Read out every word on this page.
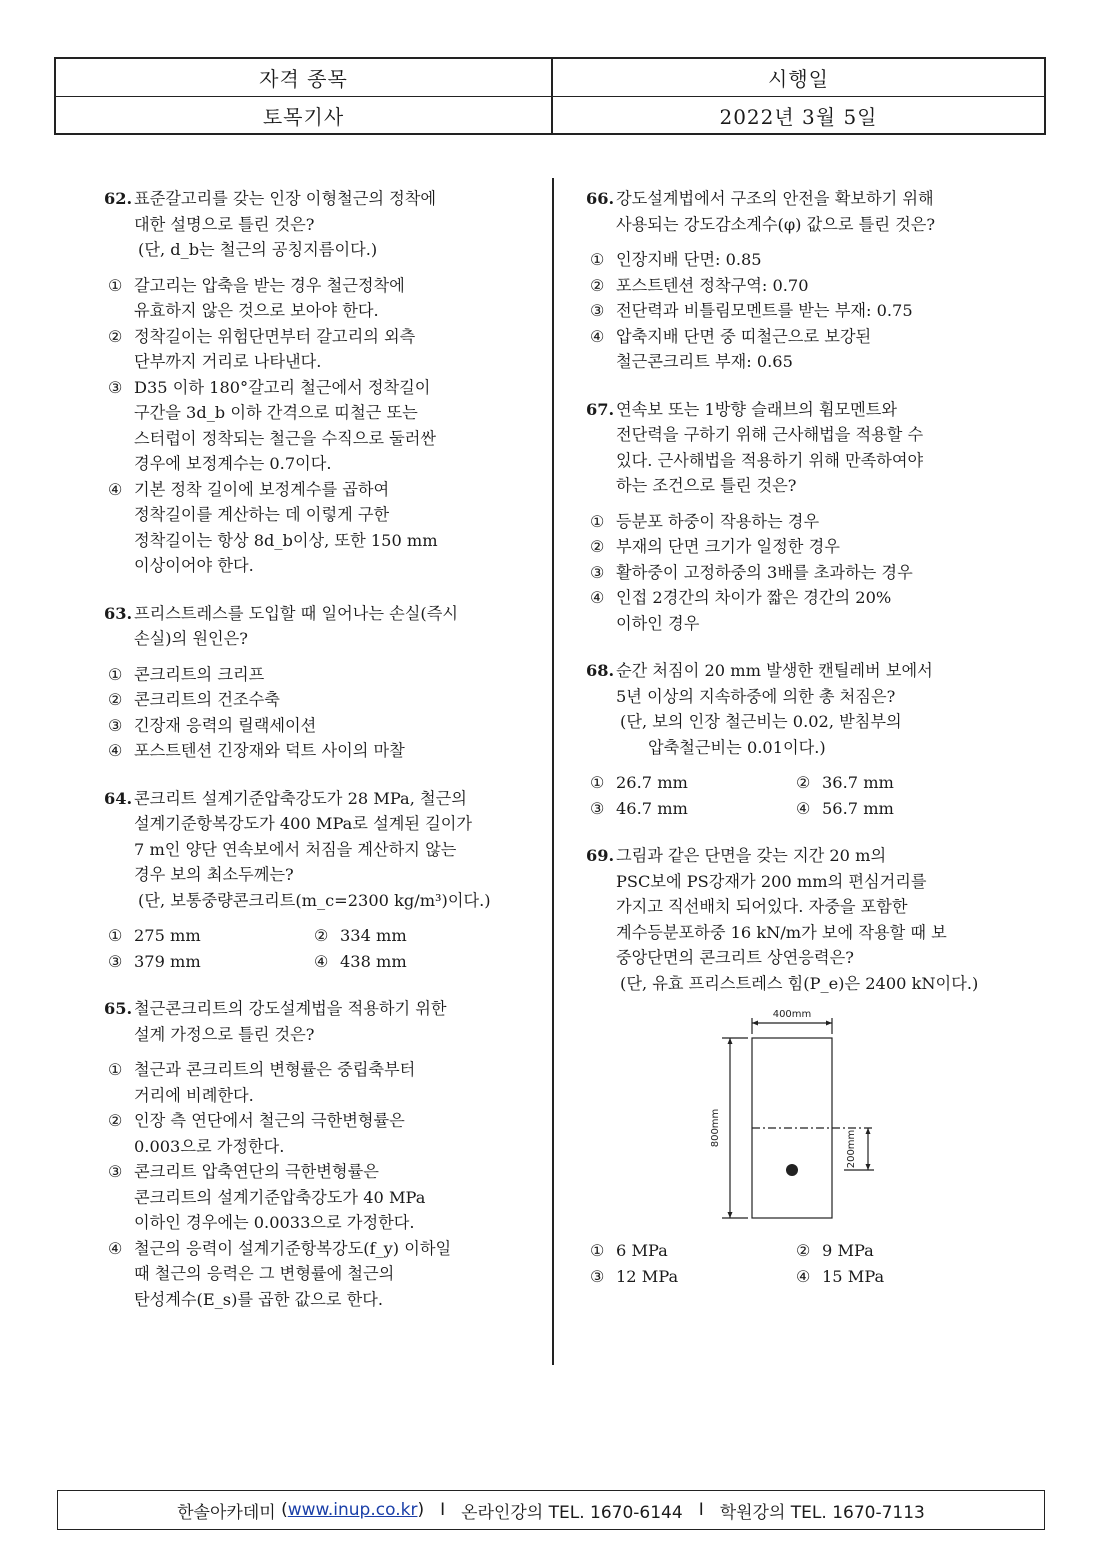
자격 종목	시행일
토목기사	2022년 3월 5일
62. 표준갈고리를 갖는 인장 이형철근의 정착에
대한 설명으로 틀린 것은?
(단, d_b는 철근의 공칭지름이다.)
① 갈고리는 압축을 받는 경우 철근정착에
유효하지 않은 것으로 보아야 한다.
② 정착길이는 위험단면부터 갈고리의 외측
단부까지 거리로 나타낸다.
③ D35 이하 180°갈고리 철근에서 정착길이
구간을 3d_b 이하 간격으로 띠철근 또는
스터럽이 정착되는 철근을 수직으로 둘러싼
경우에 보정계수는 0.7이다.
④ 기본 정착 길이에 보정계수를 곱하여
정착길이를 계산하는 데 이렇게 구한
정착길이는 항상 8d_b이상, 또한 150 mm
이상이어야 한다.
63. 프리스트레스를 도입할 때 일어나는 손실(즉시
손실)의 원인은?
① 콘크리트의 크리프
② 콘크리트의 건조수축
③ 긴장재 응력의 릴랙세이션
④ 포스트텐션 긴장재와 덕트 사이의 마찰
64. 콘크리트 설계기준압축강도가 28 MPa, 철근의
설계기준항복강도가 400 MPa로 설계된 길이가
7 m인 양단 연속보에서 처짐을 계산하지 않는
경우 보의 최소두께는?
(단, 보통중량콘크리트(m_c=2300 kg/m³)이다.)
① 275 mm	② 334 mm
③ 379 mm	④ 438 mm
65. 철근콘크리트의 강도설계법을 적용하기 위한
설계 가정으로 틀린 것은?
① 철근과 콘크리트의 변형률은 중립축부터
거리에 비례한다.
② 인장 측 연단에서 철근의 극한변형률은
0.003으로 가정한다.
③ 콘크리트 압축연단의 극한변형률은
콘크리트의 설계기준압축강도가 40 MPa
이하인 경우에는 0.0033으로 가정한다.
④ 철근의 응력이 설계기준항복강도(f_y) 이하일
때 철근의 응력은 그 변형률에 철근의
탄성계수(E_s)를 곱한 값으로 한다.
66. 강도설계법에서 구조의 안전을 확보하기 위해
사용되는 강도감소계수(φ) 값으로 틀린 것은?
① 인장지배 단면: 0.85
② 포스트텐션 정착구역: 0.70
③ 전단력과 비틀림모멘트를 받는 부재: 0.75
④ 압축지배 단면 중 띠철근으로 보강된
철근콘크리트 부재: 0.65
67. 연속보 또는 1방향 슬래브의 휨모멘트와
전단력을 구하기 위해 근사해법을 적용할 수
있다. 근사해법을 적용하기 위해 만족하여야
하는 조건으로 틀린 것은?
① 등분포 하중이 작용하는 경우
② 부재의 단면 크기가 일정한 경우
③ 활하중이 고정하중의 3배를 초과하는 경우
④ 인접 2경간의 차이가 짧은 경간의 20%
이하인 경우
68. 순간 처짐이 20 mm 발생한 캔틸레버 보에서
5년 이상의 지속하중에 의한 총 처짐은?
(단, 보의 인장 철근비는 0.02, 받침부의
압축철근비는 0.01이다.)
① 26.7 mm	② 36.7 mm
③ 46.7 mm	④ 56.7 mm
69. 그림과 같은 단면을 갖는 지간 20 m의
PSC보에 PS강재가 200 mm의 편심거리를
가지고 직선배치 되어있다. 자중을 포함한
계수등분포하중 16 kN/m가 보에 작용할 때 보
중앙단면의 콘크리트 상연응력은?
(단, 유효 프리스트레스 힘(P_e)은 2400 kN이다.)
400mm
800mm
200mm
① 6 MPa	② 9 MPa
③ 12 MPa	④ 15 MPa
한솔아카데미 ( www.inup.co.kr ) I 온라인강의 TEL. 1670-6144 I 학원강의 TEL. 1670-7113
